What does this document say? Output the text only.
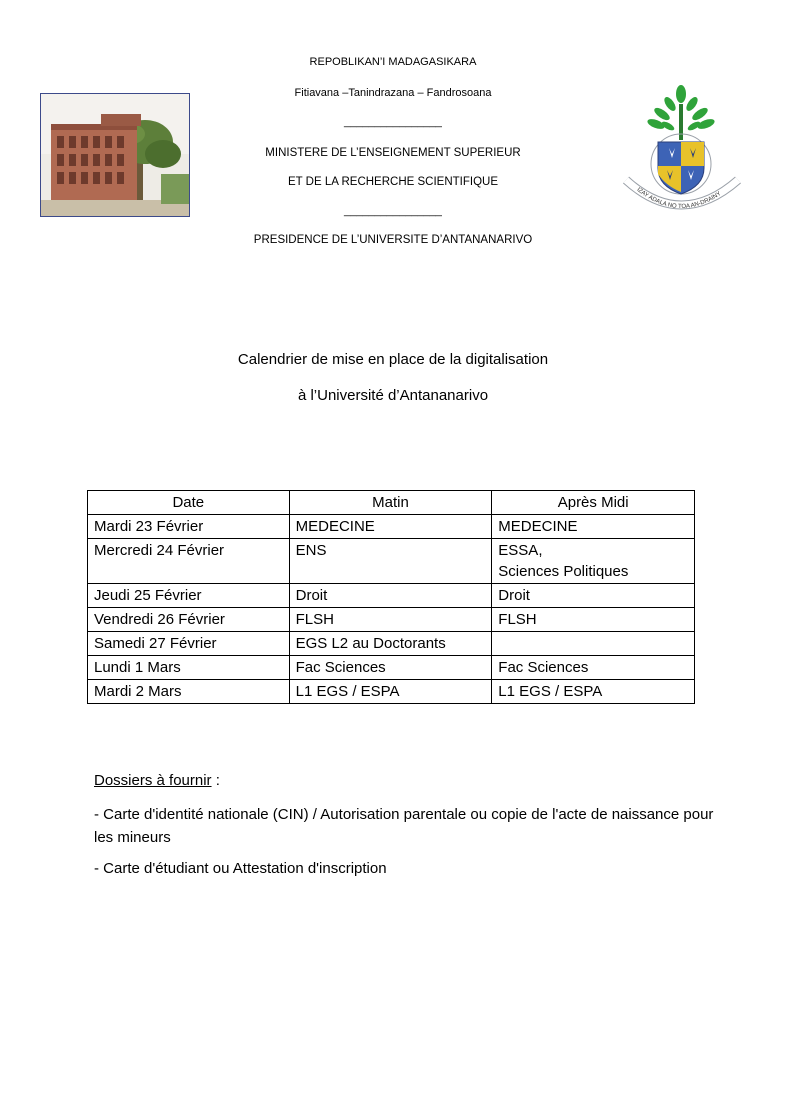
REPOBLIKAN’I MADAGASIKARA
Fitiavana –Tanindrazana – Fandrosoana
________________
MINISTERE DE L’ENSEIGNEMENT SUPERIEUR
ET DE LA RECHERCHE SCIENTIFIQUE
________________
PRESIDENCE DE L’UNIVERSITE D’ANTANANARIVO
IZAY ADALA NO TOA AN-DRAINY
Calendrier de mise en place de la digitalisation
à l’Université d’Antananarivo
Date	Matin	Après Midi
Mardi 23 Février	MEDECINE	MEDECINE

Mercredi 24 Février	ENS	ESSA,
Sciences Politiques

Jeudi 25 Février	Droit	Droit

Vendredi 26 Février	FLSH	FLSH

Samedi 27 Février	EGS L2 au Doctorants	

Lundi 1 Mars	Fac Sciences	Fac Sciences

Mardi 2 Mars	L1 EGS / ESPA	L1 EGS / ESPA

Dossiers à fournir :

- Carte d'identité nationale (CIN) / Autorisation parentale ou copie de l'acte de naissance pour les mineurs

- Carte d'étudiant ou Attestation d'inscription
